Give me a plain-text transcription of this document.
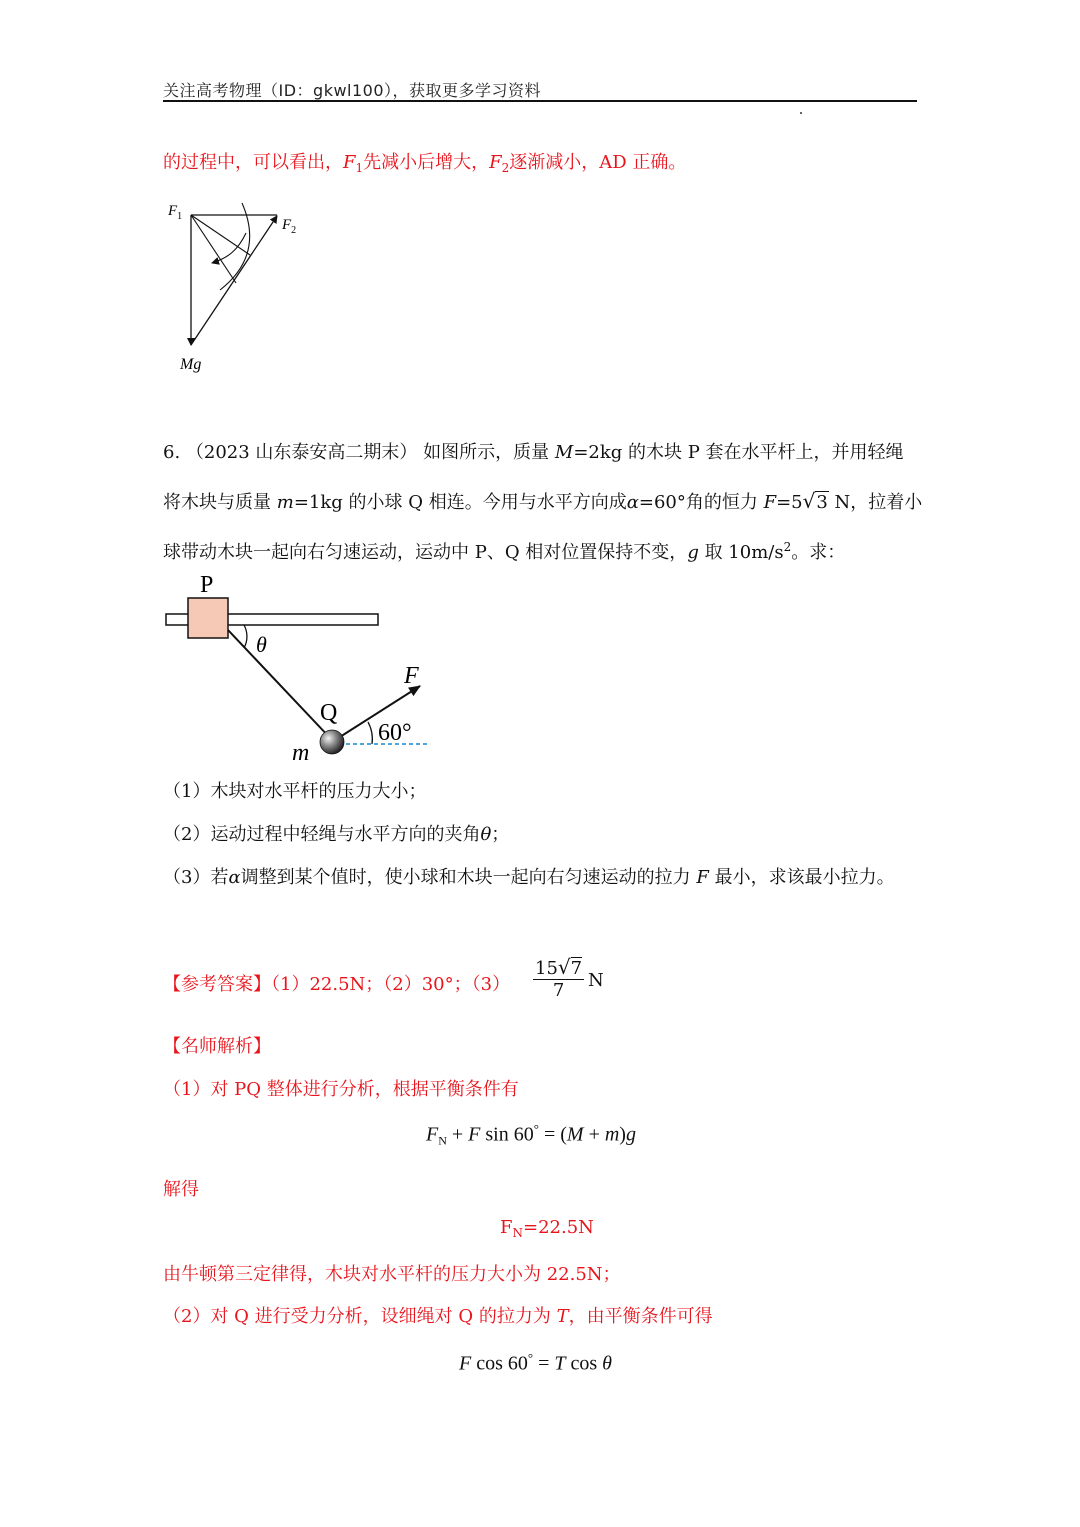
关注高考物理（ID：gkwl100），获取更多学习资料
的过程中，可以看出，$F_1$先减小后增大，$F_2$逐渐减小，AD 正确。
$F_1$
$F_2$
Mg
6. （2023 山东泰安高二期末） 如图所示，质量 M=2kg 的木块 P 套在水平杆上，并用轻绳
将木块与质量 m=1kg 的小球 Q 相连。今用与水平方向成α=60°角的恒力 F=5√3 N，拉着小
球带动木块一起向右匀速运动，运动中 P、Q 相对位置保持不变，g 取 $10m/s^2$。求：
P
θ
F
Q
60°
m
（1）木块对水平杆的压力大小；
（2）运动过程中轻绳与水平方向的夹角θ；
（3）若α调整到某个值时，使小球和木块一起向右匀速运动的拉力 F 最小，求该最小拉力。
【参考答案】（1）22.5N；（2）30°；（3）
15√7
7	N
【名师解析】
（1）对 PQ 整体进行分析，根据平衡条件有
$F_N + F$ sin 60° = (M + m)g
解得
$F_N=22.5N$
由牛顿第三定律得，木块对水平杆的压力大小为 22.5N；
（2）对 Q 进行受力分析，设细绳对 Q 的拉力为 T，由平衡条件可得
F cos 60° = T cos θ
